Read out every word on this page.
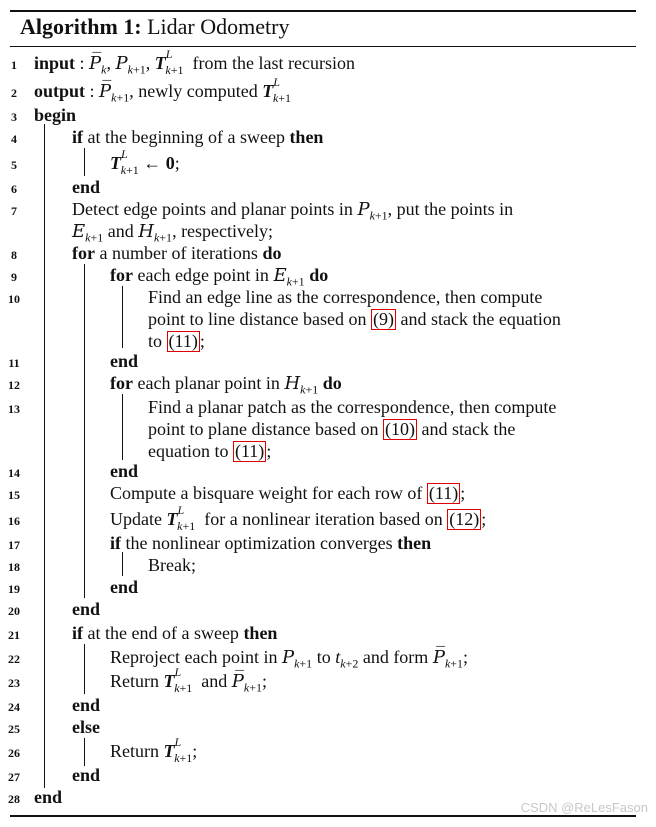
Algorithm 1: Lidar Odometry
1 input : $P̅_k$, $P_{k+1}$, $T^L_{k+1}$ from the last recursion
2 output : $P̅_{k+1}$, newly computed $T^L_{k+1}$
3 begin
4	if at the beginning of a sweep then
5	$T^L_{k+1}$ ← 0;
6	end
7	Detect edge points and planar points in $P_{k+1}$, put the points in
$E_{k+1}$ and $H_{k+1}$, respectively;
8	for a number of iterations do
9	for each edge point in $E_{k+1}$ do
10	Find an edge line as the correspondence, then compute
point to line distance based on (9) and stack the equation
to (11) ;
11	end
12	for each planar point in $H_{k+1}$ do
13	Find a planar patch as the correspondence, then compute
point to plane distance based on (10) and stack the
equation to (11) ;
14	end
15	Compute a bisquare weight for each row of (11) ;
16	Update $T^L_{k+1}$ for a nonlinear iteration based on (12) ;
17	if the nonlinear optimization converges then
18	Break;
19	end
20	end
21	if at the end of a sweep then
22	Reproject each point in $P_{k+1}$ to $t_{k+2}$ and form $P̅_{k+1}$;
23	Return $T^L_{k+1}$ and $P̅_{k+1}$;
24	end
25	else
26	Return $T^L_{k+1}$;
27	end
28 end
CSDN @ReLesFason
